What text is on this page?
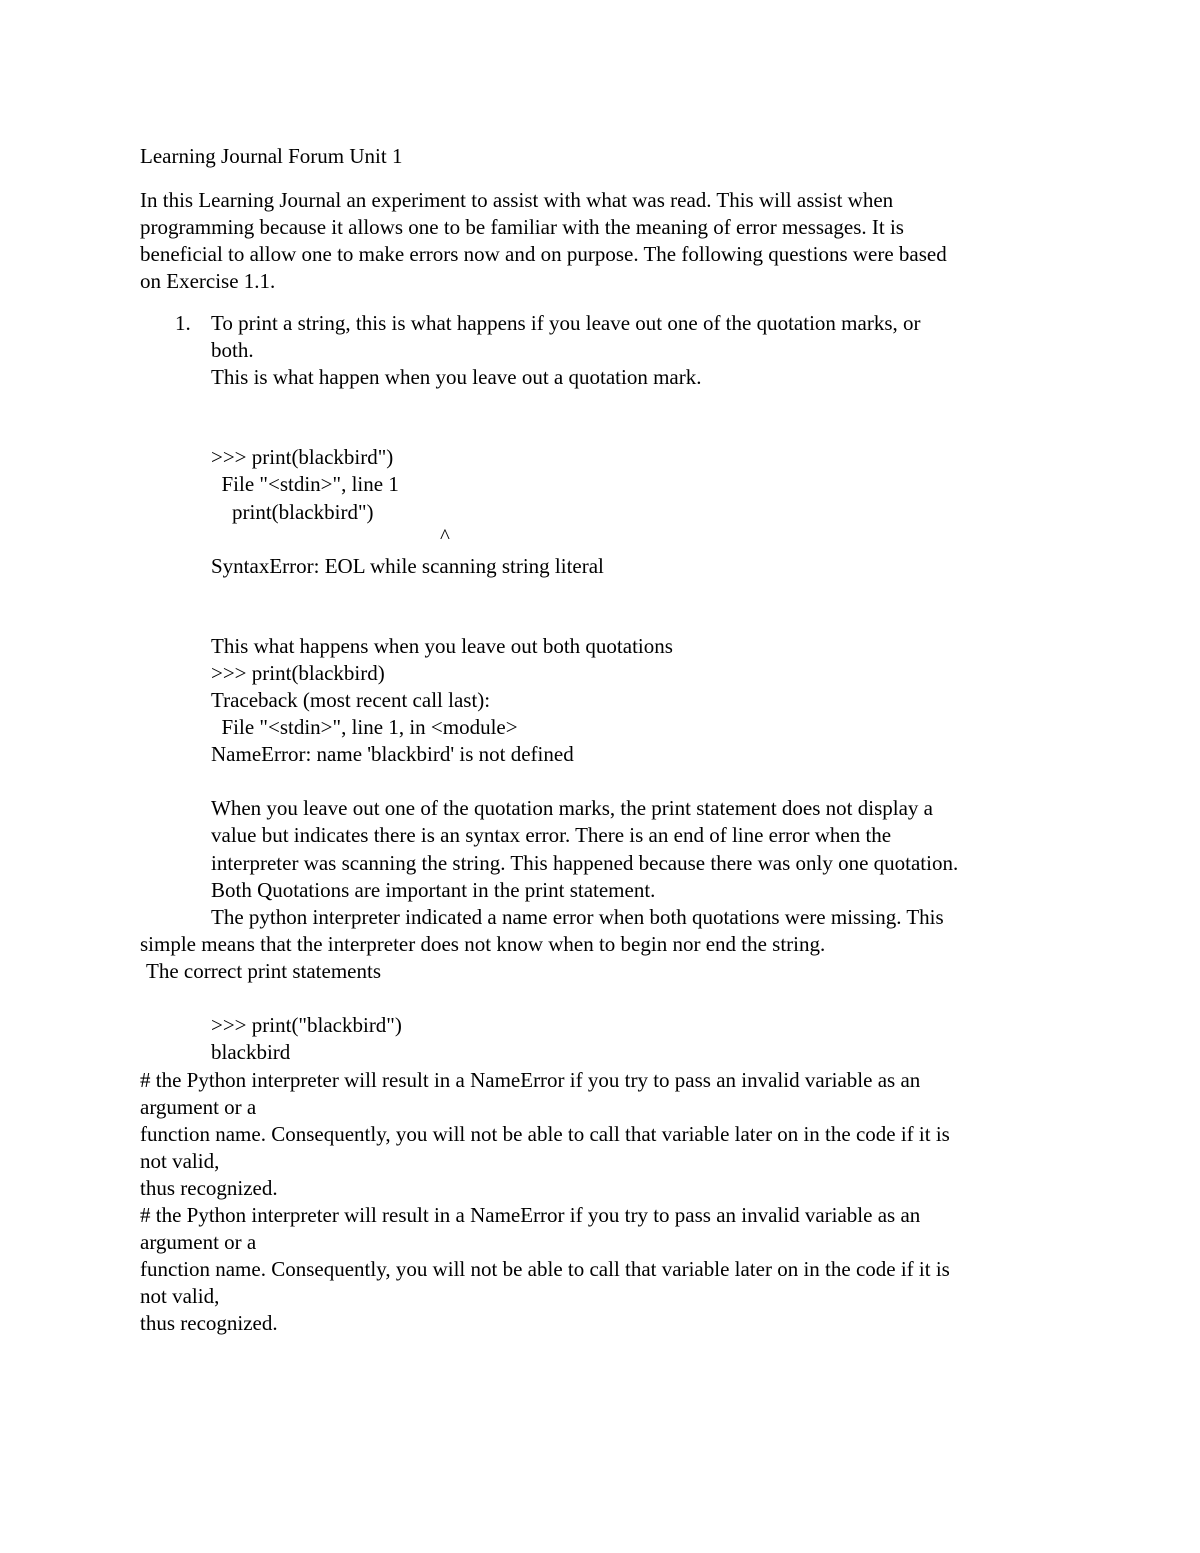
Learning Journal Forum Unit 1
In this Learning Journal an experiment to assist with what was read. This will assist when
programming because it allows one to be familiar with the meaning of error messages. It is
beneficial to allow one to make errors now and on purpose. The following questions were based
on Exercise 1.1.
1. To print a string, this is what happens if you leave out one of the quotation marks, or
both.
This is what happen when you leave out a quotation mark.
>>> print(blackbird")
File "<stdin>", line 1
print(blackbird")
^
SyntaxError: EOL while scanning string literal
This what happens when you leave out both quotations
>>> print(blackbird)
Traceback (most recent call last):
File "<stdin>", line 1, in <module>
NameError: name 'blackbird' is not defined
When you leave out one of the quotation marks, the print statement does not display a
value but indicates there is an syntax error. There is an end of line error when the
interpreter was scanning the string. This happened because there was only one quotation.
Both Quotations are important in the print statement.
The python interpreter indicated a name error when both quotations were missing. This
simple means that the interpreter does not know when to begin nor end the string.
The correct print statements
>>> print("blackbird")
blackbird
# the Python interpreter will result in a NameError if you try to pass an invalid variable as an
argument or a
function name. Consequently, you will not be able to call that variable later on in the code if it is
not valid,
thus recognized.
# the Python interpreter will result in a NameError if you try to pass an invalid variable as an
argument or a
function name. Consequently, you will not be able to call that variable later on in the code if it is
not valid,
thus recognized.
